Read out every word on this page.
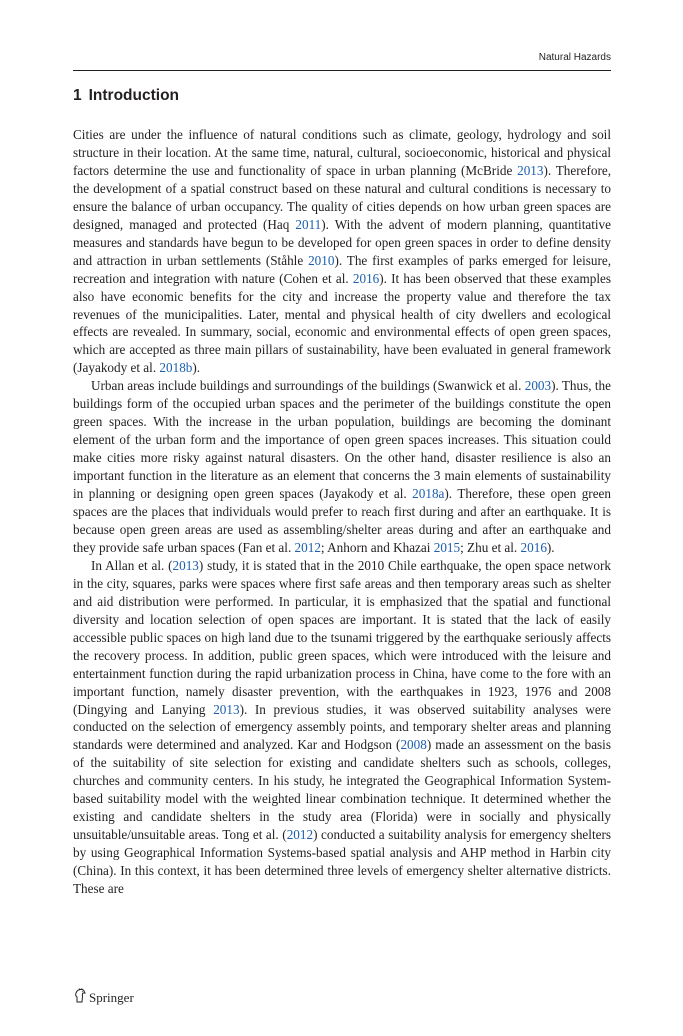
Natural Hazards
1 Introduction

Cities are under the influence of natural conditions such as climate, geology, hydrology and soil structure in their location. At the same time, natural, cultural, socioeconomic, historical and physical factors determine the use and functionality of space in urban planning (McBride 2013). Therefore, the development of a spatial construct based on these natural and cultural conditions is necessary to ensure the balance of urban occupancy. The quality of cities depends on how urban green spaces are designed, managed and protected (Haq 2011). With the advent of modern planning, quantitative measures and standards have begun to be developed for open green spaces in order to define density and attraction in urban settlements (Ståhle 2010). The first examples of parks emerged for leisure, recreation and integration with nature (Cohen et al. 2016). It has been observed that these examples also have economic benefits for the city and increase the property value and therefore the tax revenues of the municipalities. Later, mental and physical health of city dwellers and ecological effects are revealed. In summary, social, economic and environmental effects of open green spaces, which are accepted as three main pillars of sustainability, have been evaluated in general framework (Jayakody et al. 2018b).

Urban areas include buildings and surroundings of the buildings (Swanwick et al. 2003). Thus, the buildings form of the occupied urban spaces and the perimeter of the buildings constitute the open green spaces. With the increase in the urban population, buildings are becoming the dominant element of the urban form and the importance of open green spaces increases. This situation could make cities more risky against natural disasters. On the other hand, disaster resilience is also an important function in the literature as an element that concerns the 3 main elements of sustainability in planning or designing open green spaces (Jayakody et al. 2018a). Therefore, these open green spaces are the places that individuals would prefer to reach first during and after an earthquake. It is because open green areas are used as assembling/shelter areas during and after an earthquake and they provide safe urban spaces (Fan et al. 2012; Anhorn and Khazai 2015; Zhu et al. 2016).

In Allan et al. (2013) study, it is stated that in the 2010 Chile earthquake, the open space network in the city, squares, parks were spaces where first safe areas and then temporary areas such as shelter and aid distribution were performed. In particular, it is emphasized that the spatial and functional diversity and location selection of open spaces are important. It is stated that the lack of easily accessible public spaces on high land due to the tsunami triggered by the earthquake seriously affects the recovery process. In addition, public green spaces, which were introduced with the leisure and entertainment function during the rapid urbanization process in China, have come to the fore with an important function, namely disaster prevention, with the earthquakes in 1923, 1976 and 2008 (Dingying and Lanying 2013). In previous studies, it was observed suitability analyses were conducted on the selection of emergency assembly points, and temporary shelter areas and planning standards were determined and analyzed. Kar and Hodgson (2008) made an assessment on the basis of the suitability of site selection for existing and candidate shelters such as schools, colleges, churches and community centers. In his study, he integrated the Geographical Information System-based suitability model with the weighted linear combination technique. It determined whether the existing and candidate shelters in the study area (Florida) were in socially and physically unsuitable/unsuitable areas. Tong et al. (2012) conducted a suitability analysis for emergency shelters by using Geographical Information Systems-based spatial analysis and AHP method in Harbin city (China). In this context, it has been determined three levels of emergency shelter alternative districts. These are

Springer
